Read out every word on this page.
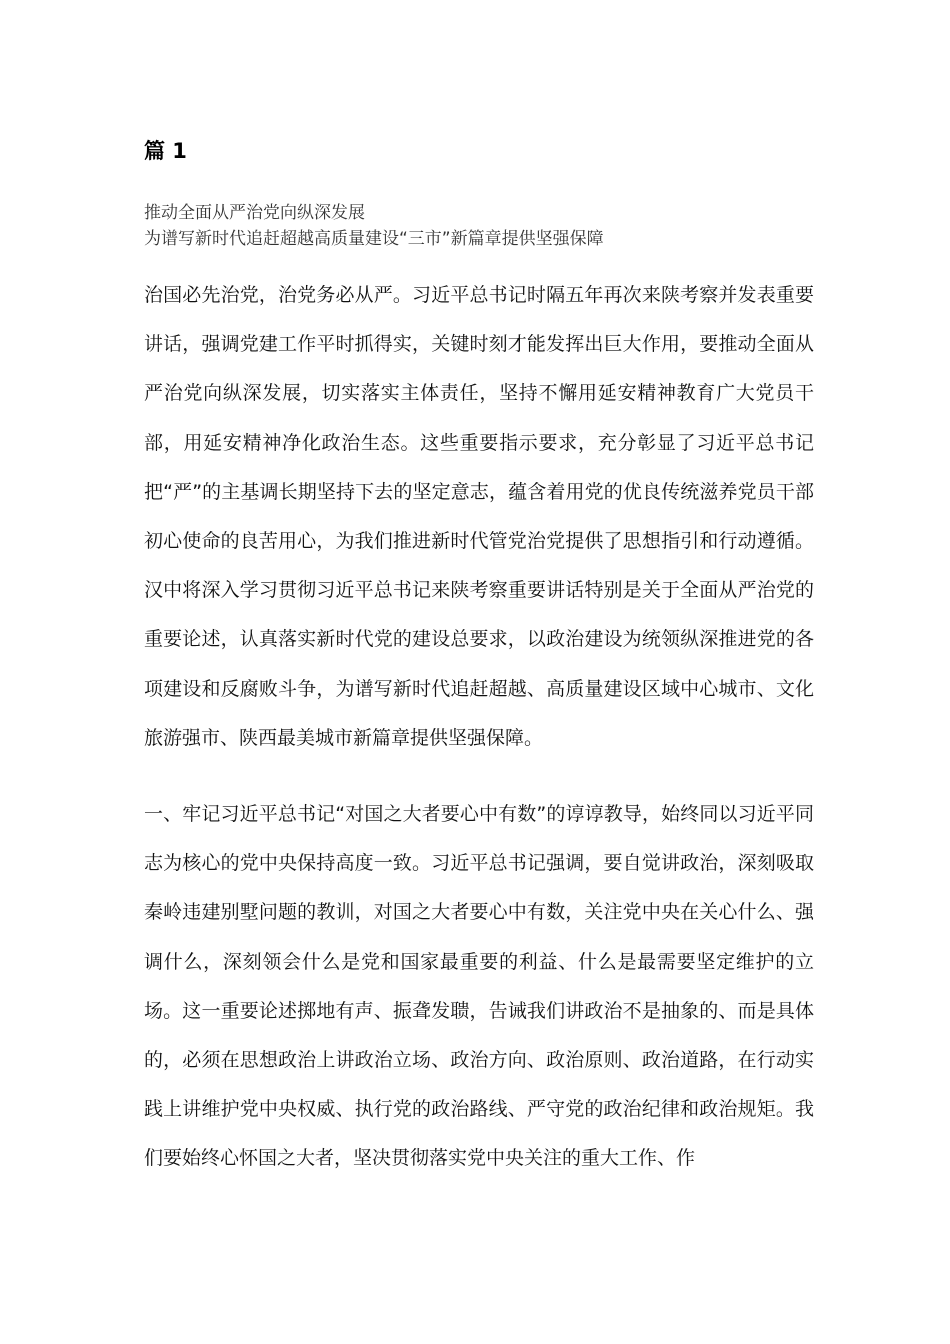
篇 1

推动全面从严治党向纵深发展

为谱写新时代追赶超越高质量建设“三市”新篇章提供坚强保障

治国必先治党，治党务必从严。习近平总书记时隔五年再次来陕考察并发表重要讲话，强调党建工作平时抓得实，关键时刻才能发挥出巨大作用，要推动全面从严治党向纵深发展，切实落实主体责任，坚持不懈用延安精神教育广大党员干部，用延安精神净化政治生态。这些重要指示要求，充分彰显了习近平总书记把“严”的主基调长期坚持下去的坚定意志，蕴含着用党的优良传统滋养党员干部初心使命的良苦用心，为我们推进新时代管党治党提供了思想指引和行动遵循。汉中将深入学习贯彻习近平总书记来陕考察重要讲话特别是关于全面从严治党的重要论述，认真落实新时代党的建设总要求，以政治建设为统领纵深推进党的各项建设和反腐败斗争，为谱写新时代追赶超越、高质量建设区域中心城市、文化旅游强市、陕西最美城市新篇章提供坚强保障。

一、牢记习近平总书记“对国之大者要心中有数”的谆谆教导，始终同以习近平同志为核心的党中央保持高度一致。习近平总书记强调，要自觉讲政治，深刻吸取秦岭违建别墅问题的教训，对国之大者要心中有数，关注党中央在关心什么、强调什么，深刻领会什么是党和国家最重要的利益、什么是最需要坚定维护的立场。这一重要论述掷地有声、振聋发聩，告诫我们讲政治不是抽象的、而是具体的，必须在思想政治上讲政治立场、政治方向、政治原则、政治道路，在行动实践上讲维护党中央权威、执行党的政治路线、严守党的政治纪律和政治规矩。我们要始终心怀国之大者，坚决贯彻落实党中央关注的重大工作、作
